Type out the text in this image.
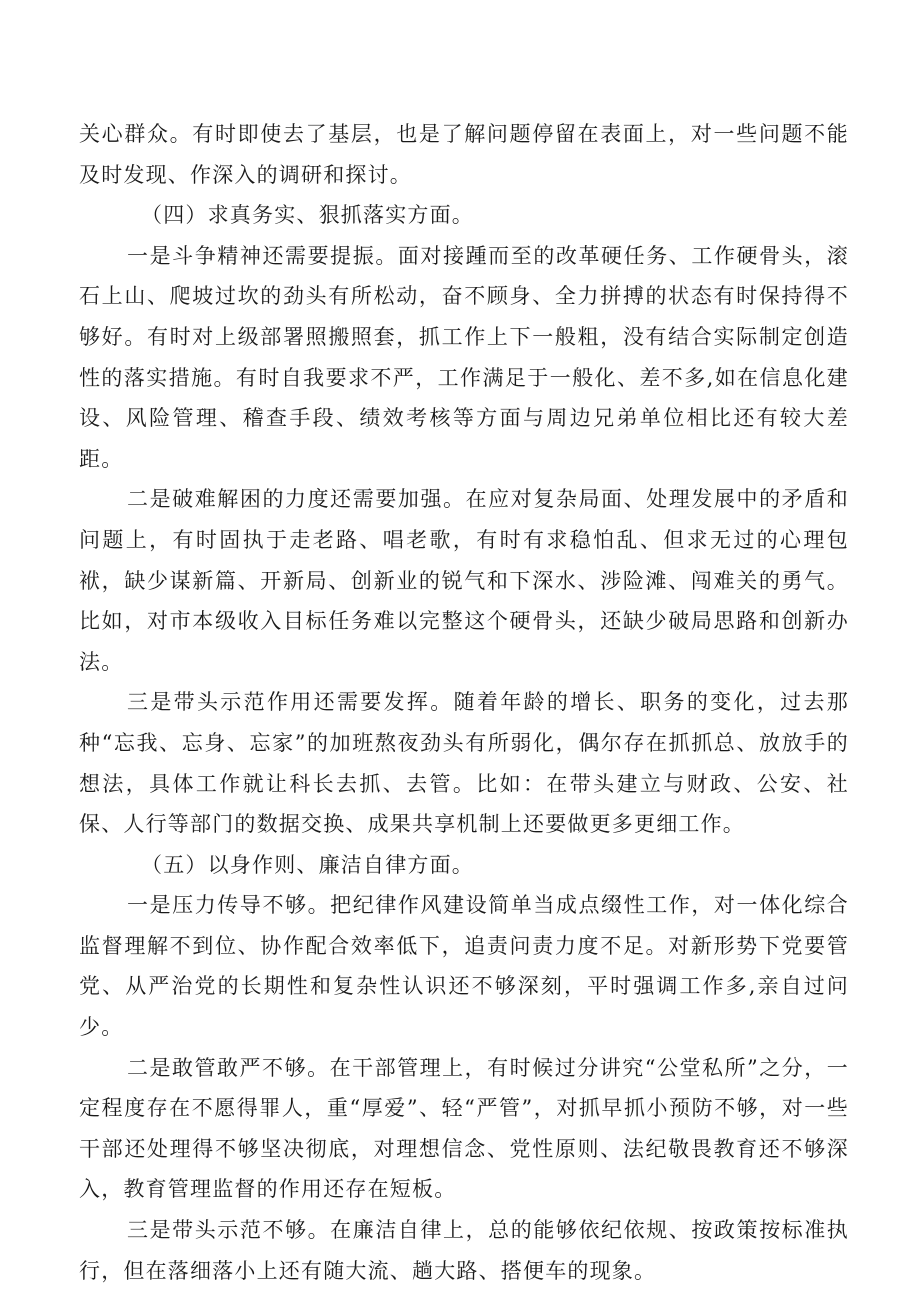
关心群众。有时即使去了基层，也是了解问题停留在表面上，对一些问题不能及时发现、作深入的调研和探讨。

（四）求真务实、狠抓落实方面。

一是斗争精神还需要提振。面对接踵而至的改革硬任务、工作硬骨头，滚石上山、爬坡过坎的劲头有所松动，奋不顾身、全力拼搏的状态有时保持得不够好。有时对上级部署照搬照套，抓工作上下一般粗，没有结合实际制定创造性的落实措施。有时自我要求不严，工作满足于一般化、差不多,如在信息化建设、风险管理、稽查手段、绩效考核等方面与周边兄弟单位相比还有较大差距。

二是破难解困的力度还需要加强。在应对复杂局面、处理发展中的矛盾和问题上，有时固执于走老路、唱老歌，有时有求稳怕乱、但求无过的心理包袱，缺少谋新篇、开新局、创新业的锐气和下深水、涉险滩、闯难关的勇气。比如，对市本级收入目标任务难以完整这个硬骨头，还缺少破局思路和创新办法。

三是带头示范作用还需要发挥。随着年龄的增长、职务的变化，过去那种“忘我、忘身、忘家”的加班熬夜劲头有所弱化，偶尔存在抓抓总、放放手的想法，具体工作就让科长去抓、去管。比如：在带头建立与财政、公安、社保、人行等部门的数据交换、成果共享机制上还要做更多更细工作。

（五）以身作则、廉洁自律方面。

一是压力传导不够。把纪律作风建设简单当成点缀性工作，对一体化综合监督理解不到位、协作配合效率低下，追责问责力度不足。对新形势下党要管党、从严治党的长期性和复杂性认识还不够深刻，平时强调工作多,亲自过问少。

二是敢管敢严不够。在干部管理上，有时候过分讲究“公堂私所”之分，一定程度存在不愿得罪人，重“厚爱”、轻“严管”，对抓早抓小预防不够，对一些干部还处理得不够坚决彻底，对理想信念、党性原则、法纪敬畏教育还不够深入，教育管理监督的作用还存在短板。

三是带头示范不够。在廉洁自律上，总的能够依纪依规、按政策按标准执行，但在落细落小上还有随大流、趟大路、搭便车的现象。
